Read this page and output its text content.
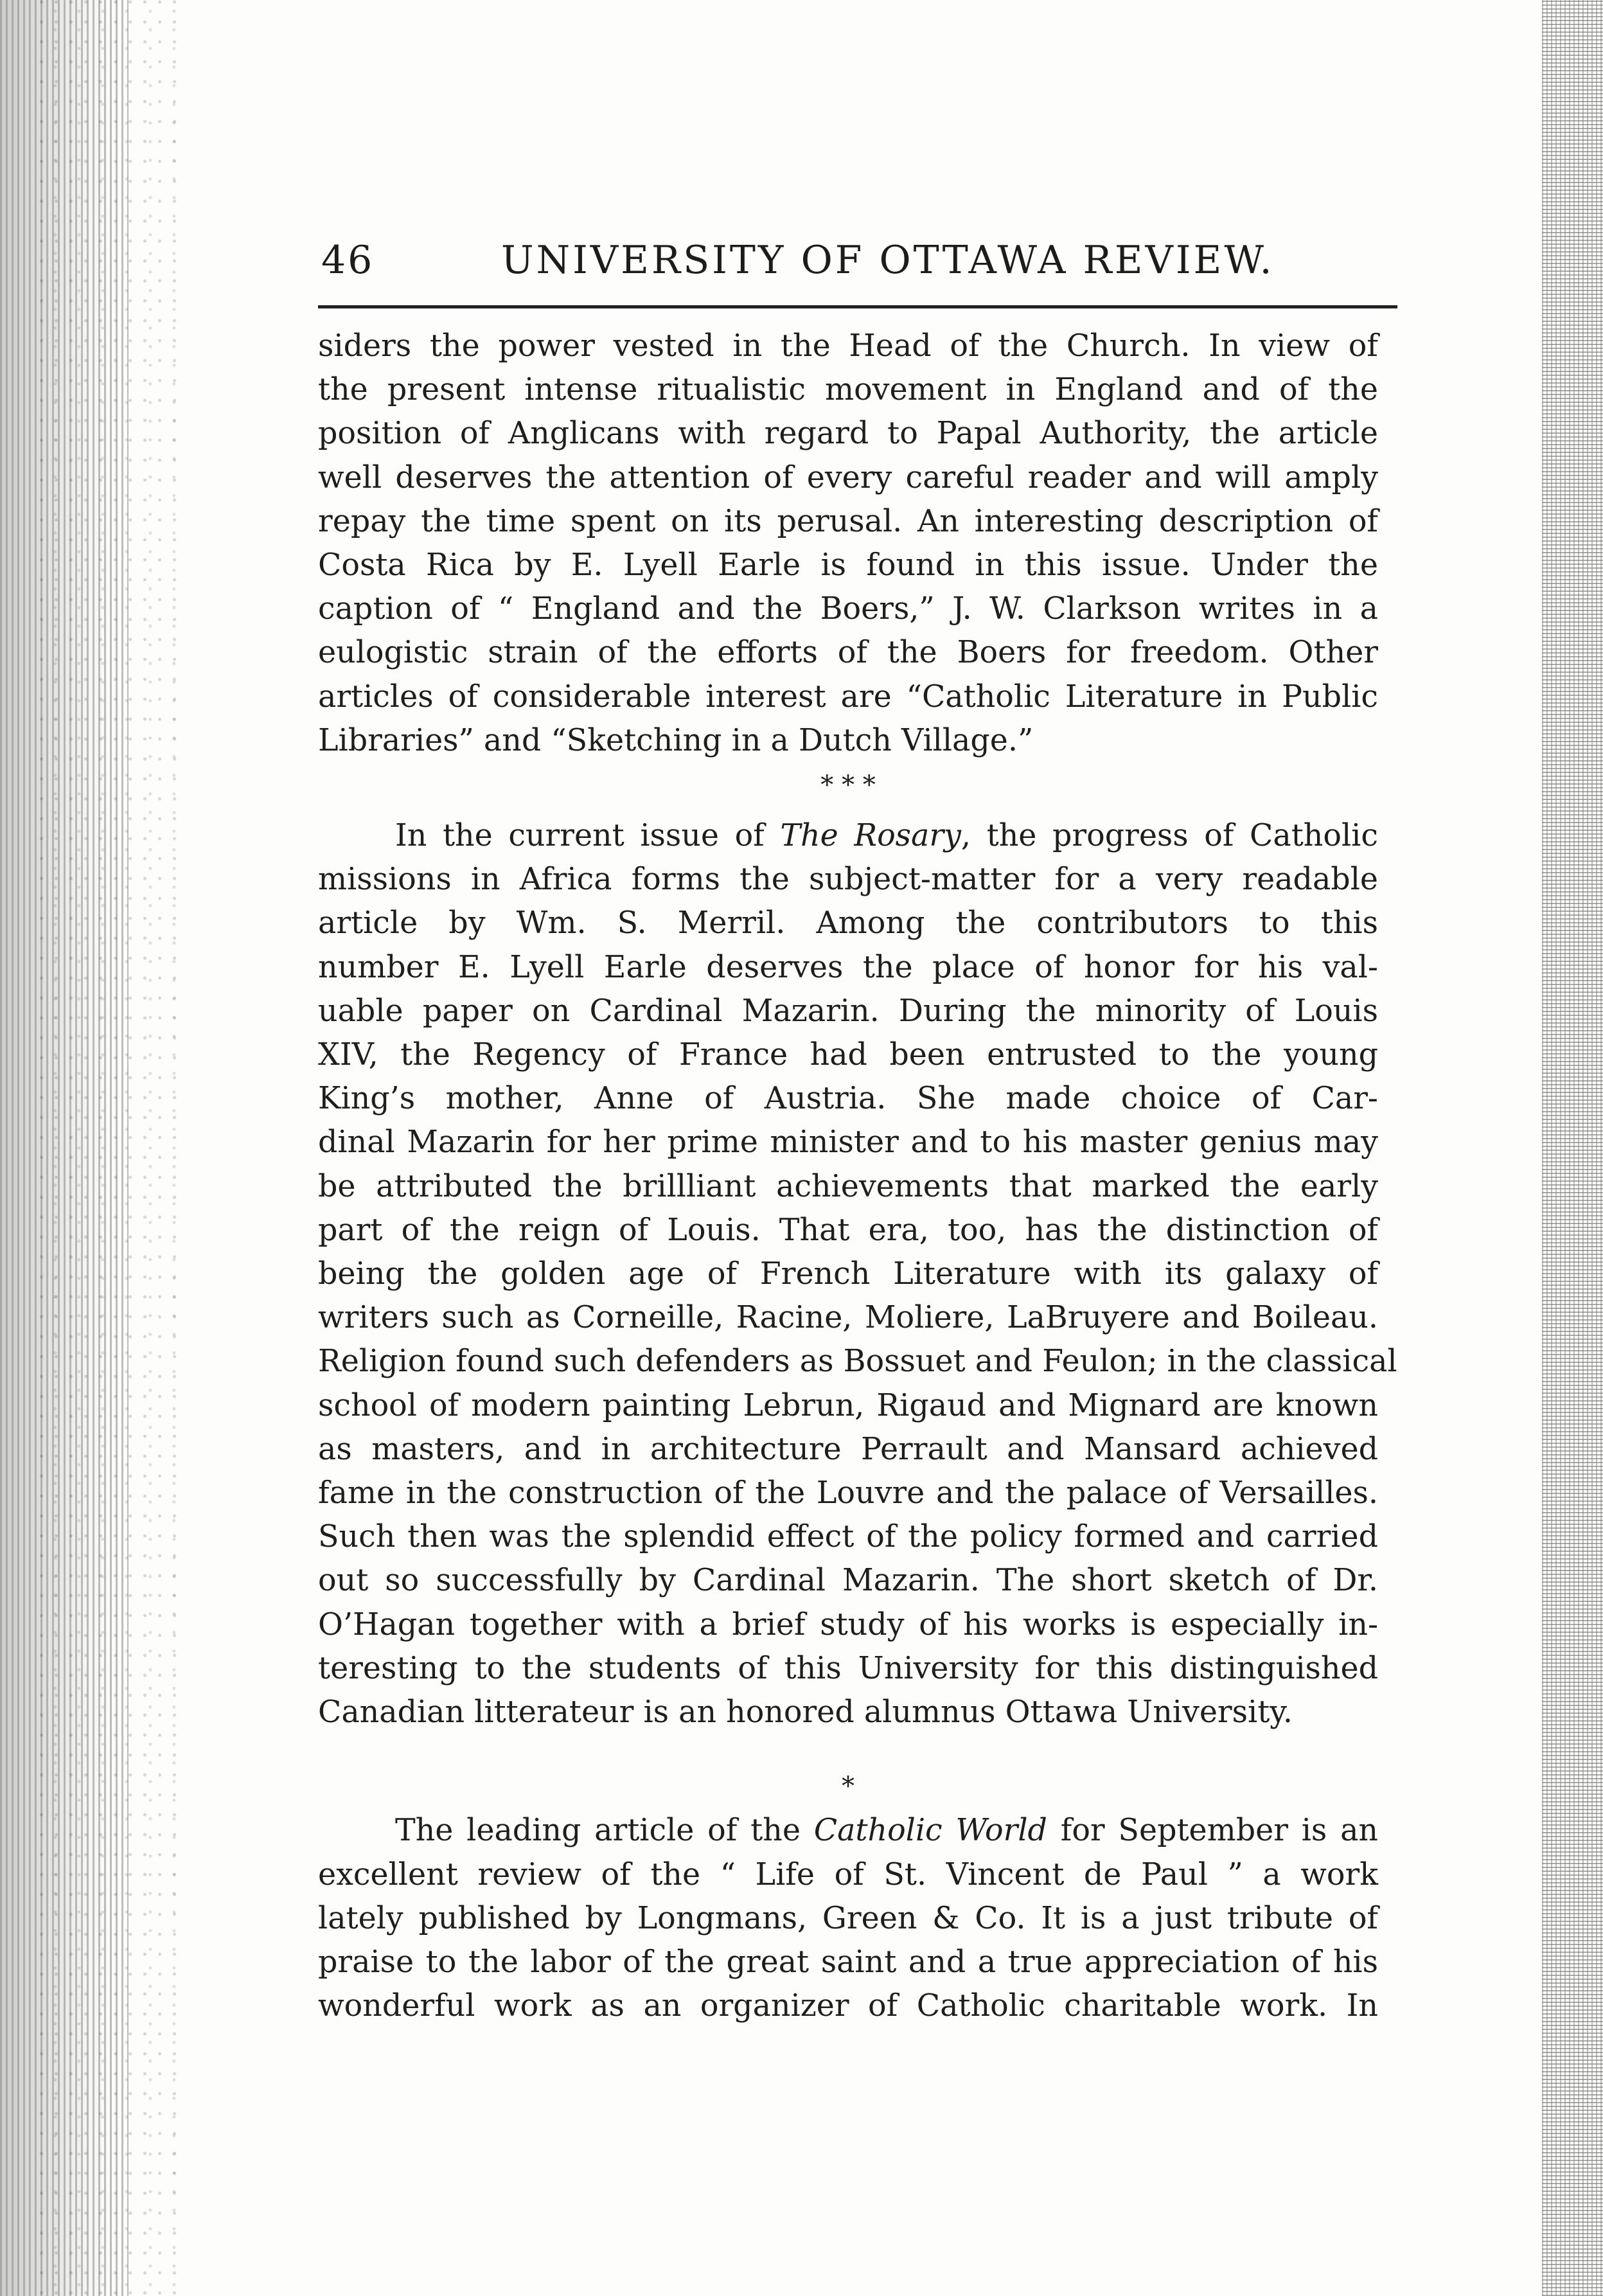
46	UNIVERSITY OF OTTAWA REVIEW.
siders the power vested in the Head of the Church. In view of
the present intense ritualistic movement in England and of the
position of Anglicans with regard to Papal Authority, the article
well deserves the attention of every careful reader and will amply
repay the time spent on its perusal. An interesting description of
Costa Rica by E. Lyell Earle is found in this issue. Under the
caption of “ England and the Boers,” J. W. Clarkson writes in a
eulogistic strain of the efforts of the Boers for freedom. Other
articles of considerable interest are “Catholic Literature in Public
Libraries” and “Sketching in a Dutch Village.”
* * *
In the current issue of The Rosary, the progress of Catholic
missions in Africa forms the subject-matter for a very readable
article by Wm. S. Merril. Among the contributors to this
number E. Lyell Earle deserves the place of honor for his val-
uable paper on Cardinal Mazarin. During the minority of Louis
XIV, the Regency of France had been entrusted to the young
King’s mother, Anne of Austria. She made choice of Car-
dinal Mazarin for her prime minister and to his master genius may
be attributed the brillliant achievements that marked the early
part of the reign of Louis. That era, too, has the distinction of
being the golden age of French Literature with its galaxy of
writers such as Corneille, Racine, Moliere, LaBruyere and Boileau.
Religion found such defenders as Bossuet and Feulon; in the classical
school of modern painting Lebrun, Rigaud and Mignard are known
as masters, and in architecture Perrault and Mansard achieved
fame in the construction of the Louvre and the palace of Versailles.
Such then was the splendid effect of the policy formed and carried
out so successfully by Cardinal Mazarin. The short sketch of Dr.
O’Hagan together with a brief study of his works is especially in-
teresting to the students of this University for this distinguished
Canadian litterateur is an honored alumnus Ottawa University.
*
The leading article of the Catholic World for September is an
excellent review of the “ Life of St. Vincent de Paul ” a work
lately published by Longmans, Green & Co. It is a just tribute of
praise to the labor of the great saint and a true appreciation of his
wonderful work as an organizer of Catholic charitable work. In
